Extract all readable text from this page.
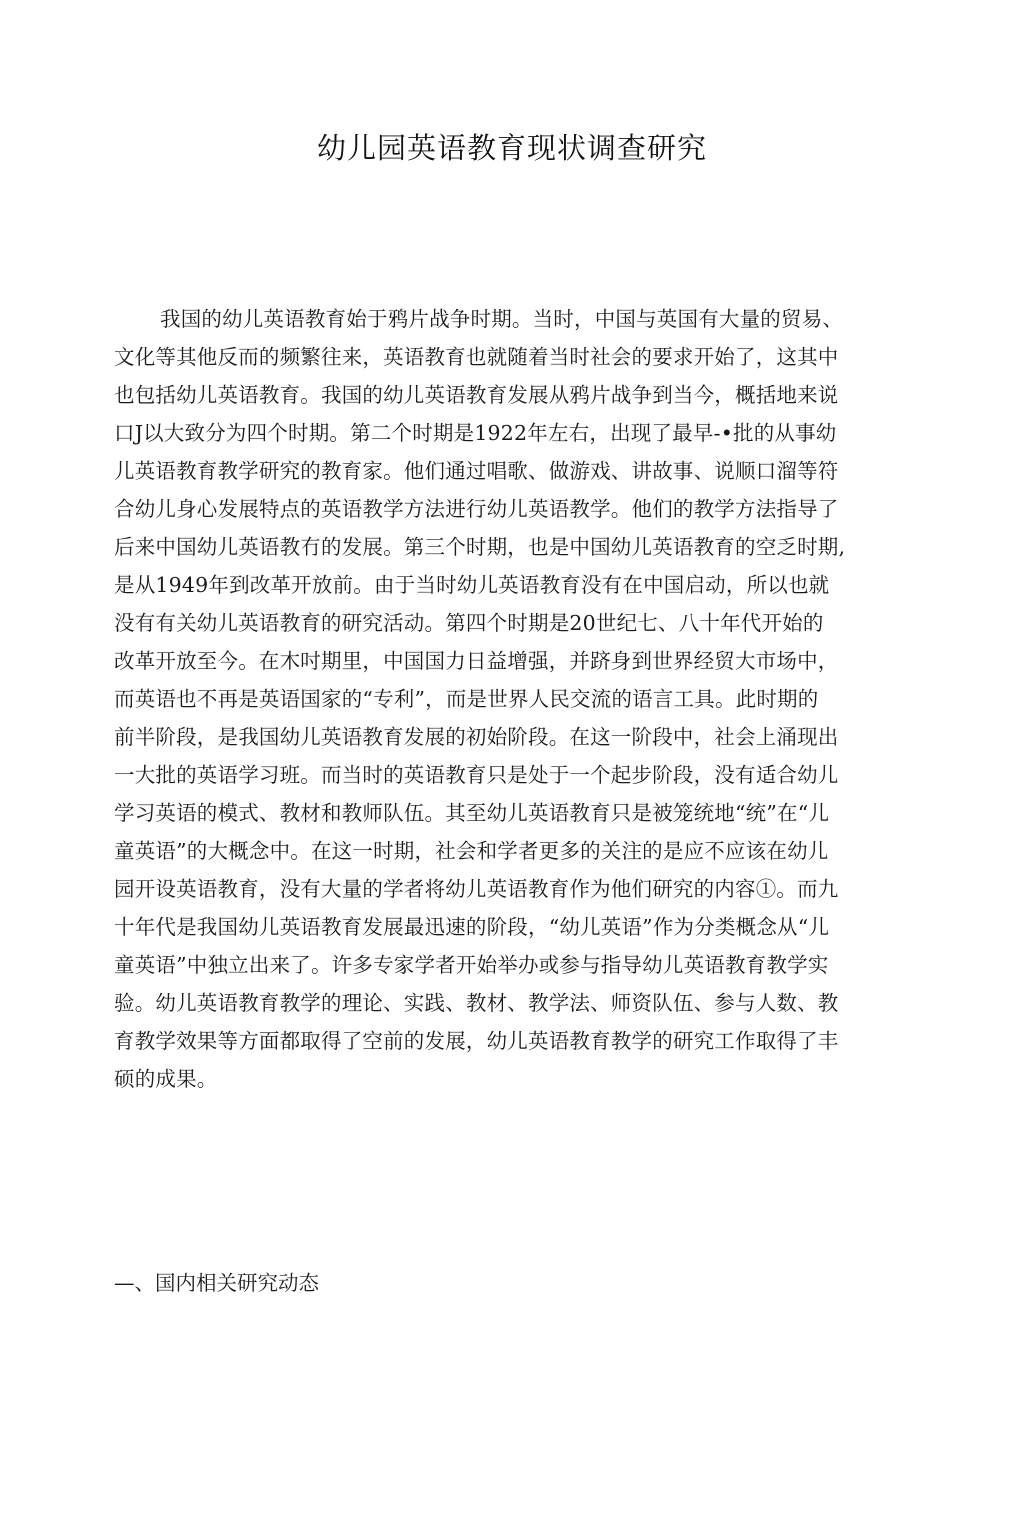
幼儿园英语教育现状调查研究
我国的幼儿英语教育始于鸦片战争时期。当时，中国与英国有大量的贸易、
文化等其他反而的频繁往来，英语教育也就随着当时社会的要求开始了，这其中
也包括幼儿英语教育。我国的幼儿英语教育发展从鸦片战争到当今，概括地来说
口J以大致分为四个时期。第二个时期是1922年左右，出现了最早-•批的从事幼
儿英语教育教学研究的教育家。他们通过唱歌、做游戏、讲故事、说顺口溜等符
合幼儿身心发展特点的英语教学方法进行幼儿英语教学。他们的教学方法指导了
后来中国幼儿英语教冇的发展。第三个时期，也是中国幼儿英语教育的空乏时期,
是从1949年到改革开放前。由于当时幼儿英语教育没有在中国启动，所以也就
没有有关幼儿英语教育的研究活动。第四个时期是20世纪七、八十年代开始的
改革开放至今。在木吋期里，中国国力日益增强，并跻身到世界经贸大市场中，
而英语也不再是英语国家的“专利”，而是世界人民交流的语言工具。此时期的
前半阶段，是我国幼儿英语教育发展的初始阶段。在这一阶段中，社会上涌现出
一大批的英语学习班。而当时的英语教育只是处于一个起步阶段，没有适合幼儿
学习英语的模式、教材和教师队伍。其至幼儿英语教育只是被笼统地“统”在“儿
童英语”的大概念中。在这一时期，社会和学者更多的关注的是应不应该在幼儿
园开设英语教育，没有大量的学者将幼儿英语教育作为他们研究的内容①。而九
十年代是我国幼儿英语教育发展最迅速的阶段，“幼儿英语”作为分类概念从“儿
童英语”中独立出来了。许多专家学者开始举办或参与指导幼儿英语教育教学实
验。幼儿英语教育教学的理论、实践、教材、教学法、师资队伍、参与人数、教
育教学效果等方面都取得了空前的发展，幼儿英语教育教学的研究工作取得了丰
硕的成果。
—、国内相关研究动态
